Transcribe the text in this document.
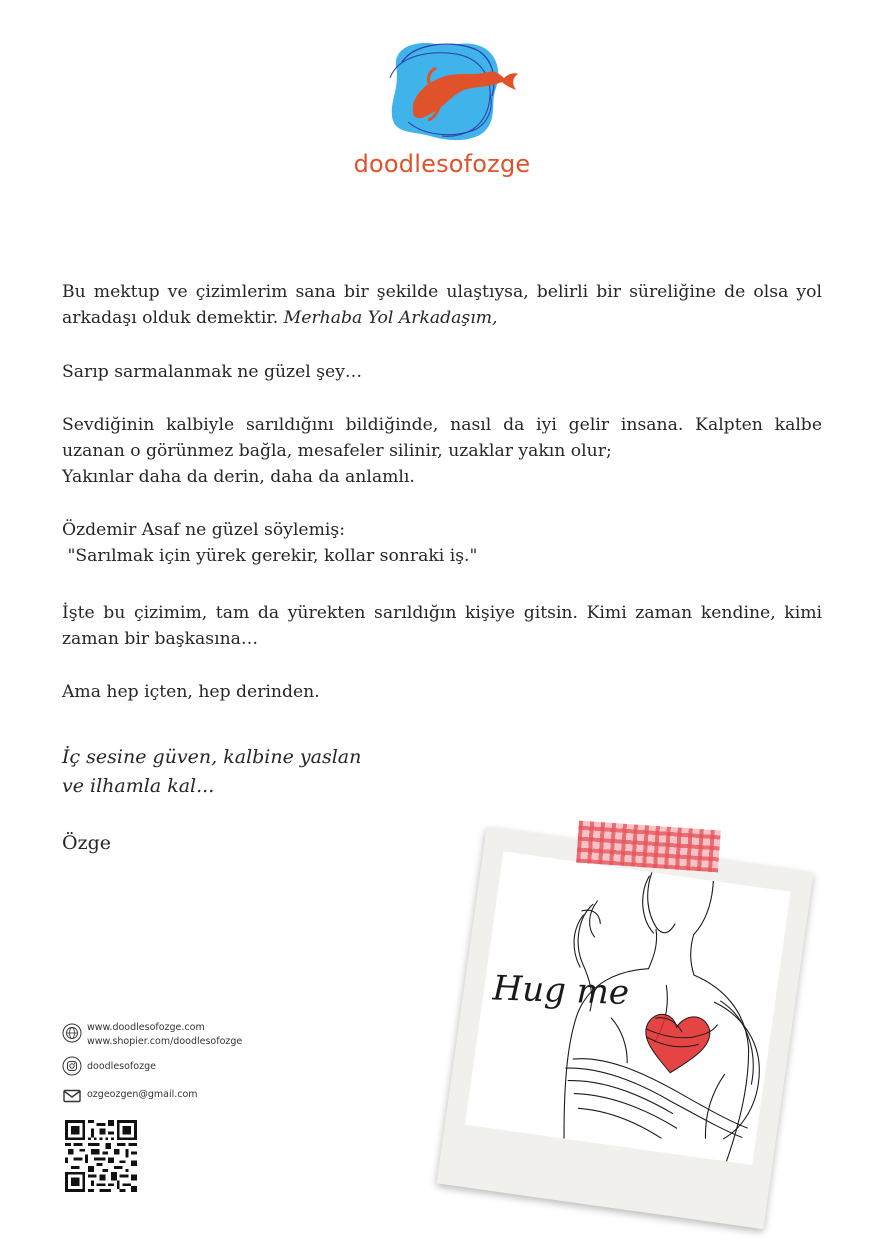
doodlesofozge
Bu mektup ve çizimlerim sana bir şekilde ulaştıysa, belirli bir süreliğine de olsa yol arkadaşı olduk demektir. Merhaba Yol Arkadaşım,
Sarıp sarmalanmak ne güzel şey…
Sevdiğinin kalbiyle sarıldığını bildiğinde, nasıl da iyi gelir insana. Kalpten kalbe uzanan o görünmez bağla, mesafeler silinir, uzaklar yakın olur;
Yakınlar daha da derin, daha da anlamlı.
Özdemir Asaf ne güzel söylemiş:
"Sarılmak için yürek gerekir, kollar sonraki iş."
İşte bu çizimim, tam da yürekten sarıldığın kişiye gitsin. Kimi zaman kendine, kimi zaman bir başkasına…
Ama hep içten, hep derinden.
İç sesine güven, kalbine yaslan
ve ilhamla kal...
Özge
www.doodlesofozge.com
www.shopier.com/doodlesofozge
doodlesofozge
ozgeozgen@gmail.com
Hug me
